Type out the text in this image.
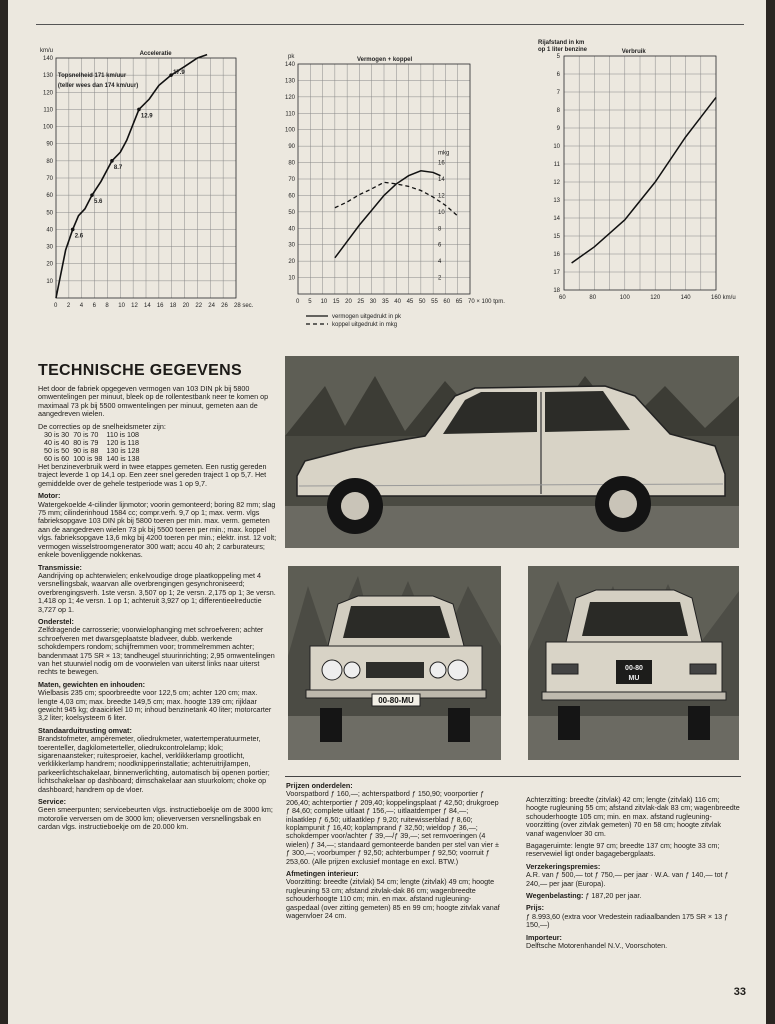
10
20
30
40
50
60
70
80
90
100
110
120
130
140
0 2 4 6 8 10 12 14 16 18 20 22 24 26 28 sec.
km/u	Acceleratie
Topsnelheid 171 km/uur
(teller wees dan 174 km/uur)
2.6
5.6
8.7
12.9
17.9
10
20
30
40
50
60
70
80
90
100
110
120
130
140
2
4
6
8
10
12
14
16
mkg
0 5 10 15 20 25 30 35 40 45 50 55 60 65 70 × 100 tpm.
pk	Vermogen + koppel
vermogen uitgedrukt in pk
koppel uitgedrukt in mkg
5
6
7
8
9
10
11
12
13
14
15
16
17
18
60	80	100	120	140	160 km/u
Rijafstand in km
op 1 liter benzine	Verbruik
TECHNISCHE GEGEVENS

Het door de fabriek opgegeven vermogen van 103 DIN pk bij 5800 omwentelingen per minuut, bleek op de rollentestbank neer te komen op maximaal 73 pk bij 5500 omwentelingen per minuut, gemeten aan de aangedreven wielen.

De correcties op de snelheidsmeter zijn:

30 is 30	70 is 70	110 is 108
40 is 40	80 is 79	120 is 118
50 is 50	90 is 88	130 is 128
60 is 60	100 is 98	140 is 138

Het benzineverbruik werd in twee etappes gemeten. Een rustig gereden traject leverde 1 op 14,1 op. Een zeer snel gereden traject 1 op 5,7. Het gemiddelde over de gehele testperiode was 1 op 9,7.

Motor:
Watergekoelde 4-cilinder lijnmotor; voorin gemonteerd; boring 82 mm; slag 75 mm; cilinderinhoud 1584 cc; compr.verh. 9,7 op 1; max. verm. vlgs fabrieksopgave 103 DIN pk bij 5800 toeren per min. max. verm. gemeten aan de aangedreven wielen 73 pk bij 5500 toeren per min.; max. koppel vlgs. fabrieksopgave 13,6 mkg bij 4200 toeren per min.; elektr. inst. 12 volt; vermogen wisselstroomgenerator 300 watt; accu 40 ah; 2 carburateurs; enkele bovenliggende nokkenas.

Transmissie:
Aandrijving op achterwielen; enkelvoudige droge plaatkoppeling met 4 versnellingsbak, waarvan alle overbrengingen gesynchroniseerd; overbrengingsverh. 1ste versn. 3,507 op 1; 2e versn. 2,175 op 1; 3e versn. 1,418 op 1; 4e versn. 1 op 1; achteruit 3,927 op 1; differentieelreductie 3,727 op 1.

Onderstel:
Zelfdragende carrosserie; voorwielophanging met schroefveren; achter schroefveren met dwarsgeplaatste bladveer, dubb. werkende schokdempers rondom; schijfremmen voor; trommelremmen achter; bandenmaat 175 SR × 13; tandheugel stuurinrichting; 2,95 omwentelingen van het stuurwiel nodig om de voorwielen van uiterst links naar uiterst rechts te bewegen.

Maten, gewichten en inhouden:
Wielbasis 235 cm; spoorbreedte voor 122,5 cm; achter 120 cm; max. lengte 4,03 cm; max. breedte 149,5 cm; max. hoogte 139 cm; rijklaar gewicht 945 kg; draaicirkel 10 m; inhoud benzinetank 40 liter; motorcarter 3,2 liter; koelsysteem 6 liter.

Standaarduitrusting omvat:
Brandstofmeter, ampèremeter, oliedrukmeter, watertemperatuurmeter, toerenteller, dagkilometerteller, oliedrukcontrolelamp; klok; sigarenaansteker; ruitesproeier, kachel, verklikkerlamp grootlicht, verklikkerlamp handrem; noodknipperinstallatie; achteruitrijlampen, parkeerlichtschakelaar, binnenverlichting, automatisch bij openen portier; lichtschakelaar op dashboard; dimschakelaar aan stuurkolom; choke op dashboard; handrem op de vloer.

Service:
Geen smeerpunten; servicebeurten vlgs. instructieboekje om de 3000 km; motorolie verversen om de 3000 km; olieverversen versnellingsbak en cardan vlgs. instructieboekje om de 20.000 km.

00-80-MU
00-80
MU

Prijzen onderdelen:
Voorspatbord ƒ 160,—; achterspatbord ƒ 150,90; voorportier ƒ 206,40; achterportier ƒ 209,40; koppelingsplaat ƒ 42,50; drukgroep ƒ 84,60; complete uitlaat ƒ 156,—; uitlaatdemper ƒ 84,—; inlaatklep ƒ 6,50; uitlaatklep ƒ 9,20; ruitewisserblad ƒ 8,60; koplampunit ƒ 16,40; koplamprand ƒ 32,50; wieldop ƒ 36,—; schokdemper voor/achter ƒ 39,—/ƒ 39,—; set remvoeringen (4 wielen) ƒ 34,—; standaard gemonteerde banden per stel van vier ± ƒ 300,—; voorbumper ƒ 92,50; achterbumper ƒ 92,50; voorruit ƒ 253,60. (Alle prijzen exclusief montage en excl. BTW.)

Afmetingen interieur:
Voorzitting: breedte (zitvlak) 54 cm; lengte (zitvlak) 49 cm; hoogte rugleuning 53 cm; afstand zitvlak-dak 86 cm; wagenbreedte schouderhoogte 110 cm; min. en max. afstand rugleuning-gaspedaal (over zitting gemeten) 85 en 99 cm; hoogte zitvlak vanaf wagenvloer 24 cm.

Achterzitting: breedte (zitvlak) 42 cm; lengte (zitvlak) 116 cm; hoogte rugleuning 55 cm; afstand zitvlak-dak 83 cm; wagenbreedte schouderhoogte 105 cm; min. en max. afstand rugleuning-voorzitting (over zitvlak gemeten) 70 en 58 cm; hoogte zitvlak vanaf wagenvloer 30 cm.

Bagageruimte: lengte 97 cm; breedte 137 cm; hoogte 33 cm; reservewiel ligt onder bagagebergplaats.

Verzekeringspremies:
A.R. van ƒ 500,— tot ƒ 750,— per jaar · W.A. van ƒ 140,— tot ƒ 240,— per jaar (Europa).

Wegenbelasting: ƒ 187,20 per jaar.

Prijs:
ƒ 8.993,60 (extra voor Vredestein radiaalbanden 175 SR × 13 ƒ 150,—)

Importeur:
Delftsche Motorenhandel N.V., Voorschoten.

33
